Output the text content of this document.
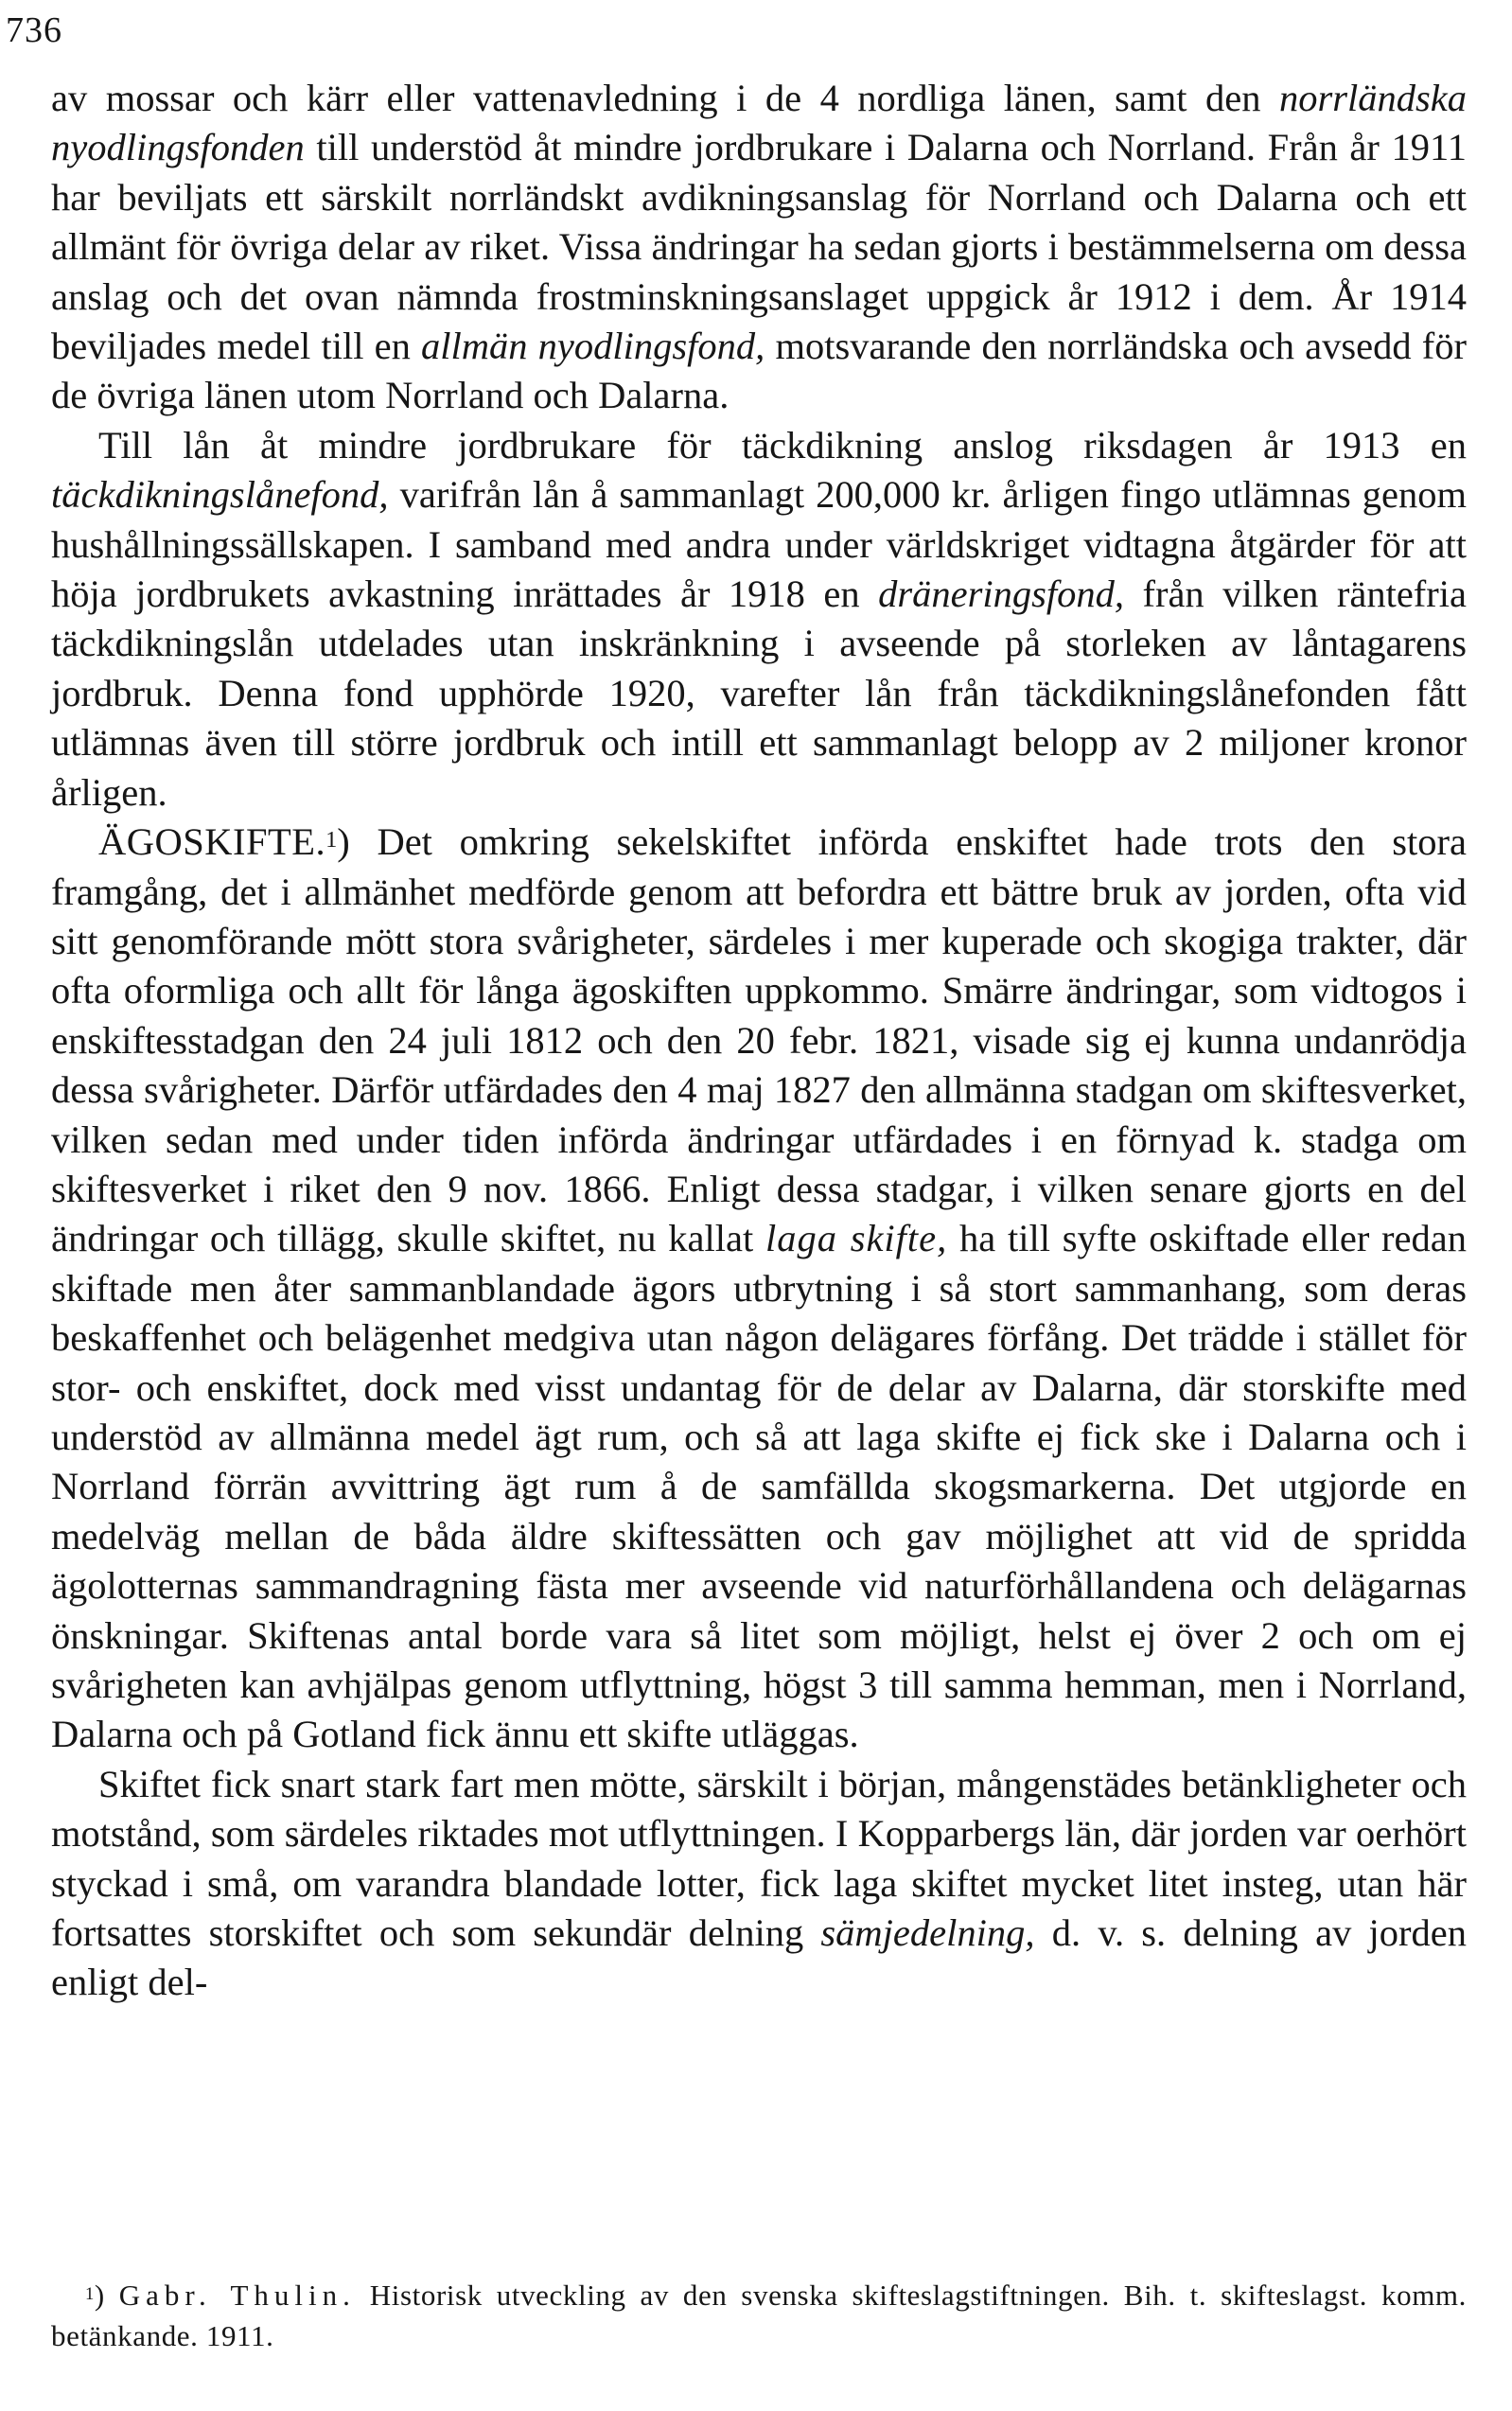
736

av mossar och kärr eller vattenavledning i de 4 nordliga länen, samt den norrländska nyodlingsfonden till understöd åt mindre jordbrukare i Dalarna och Norrland. Från år 1911 har beviljats ett särskilt norrländskt avdikningsanslag för Norrland och Dalarna och ett allmänt för övriga delar av riket. Vissa ändringar ha sedan gjorts i bestämmelserna om dessa anslag och det ovan nämnda frostminskningsanslaget uppgick år 1912 i dem. År 1914 beviljades medel till en allmän nyodlingsfond, motsvarande den norrländska och avsedd för de övriga länen utom Norrland och Dalarna.

Till lån åt mindre jordbrukare för täckdikning anslog riksdagen år 1913 en täckdikningslånefond, varifrån lån å sammanlagt 200,000 kr. årligen fingo utlämnas genom hushållningssällskapen. I samband med andra under världskriget vidtagna åtgärder för att höja jordbrukets avkastning inrättades år 1918 en dräneringsfond, från vilken räntefria täckdikningslån utdelades utan inskränkning i avseende på storleken av låntagarens jordbruk. Denna fond upphörde 1920, varefter lån från täckdikningslånefonden fått utlämnas även till större jordbruk och intill ett sammanlagt belopp av 2 miljoner kronor årligen.

ÄGOSKIFTE.$^1$) Det omkring sekelskiftet införda enskiftet hade trots den stora framgång, det i allmänhet medförde genom att befordra ett bättre bruk av jorden, ofta vid sitt genomförande mött stora svårigheter, särdeles i mer kuperade och skogiga trakter, där ofta oformliga och allt för långa ägoskiften uppkommo. Smärre ändringar, som vidtogos i enskiftesstadgan den 24 juli 1812 och den 20 febr. 1821, visade sig ej kunna undanrödja dessa svårigheter. Därför utfärdades den 4 maj 1827 den allmänna stadgan om skiftesverket, vilken sedan med under tiden införda ändringar utfärdades i en förnyad k. stadga om skiftesverket i riket den 9 nov. 1866. Enligt dessa stadgar, i vilken senare gjorts en del ändringar och tillägg, skulle skiftet, nu kallat laga skifte, ha till syfte oskiftade eller redan skiftade men åter sammanblandade ägors utbrytning i så stort sammanhang, som deras beskaffenhet och belägenhet medgiva utan någon delägares förfång. Det trädde i stället för stor- och enskiftet, dock med visst undantag för de delar av Dalarna, där storskifte med understöd av allmänna medel ägt rum, och så att laga skifte ej fick ske i Dalarna och i Norrland förrän avvittring ägt rum å de samfällda skogsmarkerna. Det utgjorde en medelväg mellan de båda äldre skiftessätten och gav möjlighet att vid de spridda ägolotternas sammandragning fästa mer avseende vid naturförhållandena och delägarnas önskningar. Skiftenas antal borde vara så litet som möjligt, helst ej över 2 och om ej svårigheten kan avhjälpas genom utflyttning, högst 3 till samma hemman, men i Norrland, Dalarna och på Gotland fick ännu ett skifte utläggas.

Skiftet fick snart stark fart men mötte, särskilt i början, mångenstädes betänkligheter och motstånd, som särdeles riktades mot utflyttningen. I Kopparbergs län, där jorden var oerhört styckad i små, om varandra blandade lotter, fick laga skiftet mycket litet insteg, utan här fortsattes storskiftet och som sekundär delning sämjedelning, d. v. s. delning av jorden enligt del-

$^1$) Gabr. Thulin. Historisk utveckling av den svenska skifteslagstiftningen. Bih. t. skifteslagst. komm. betänkande. 1911.
